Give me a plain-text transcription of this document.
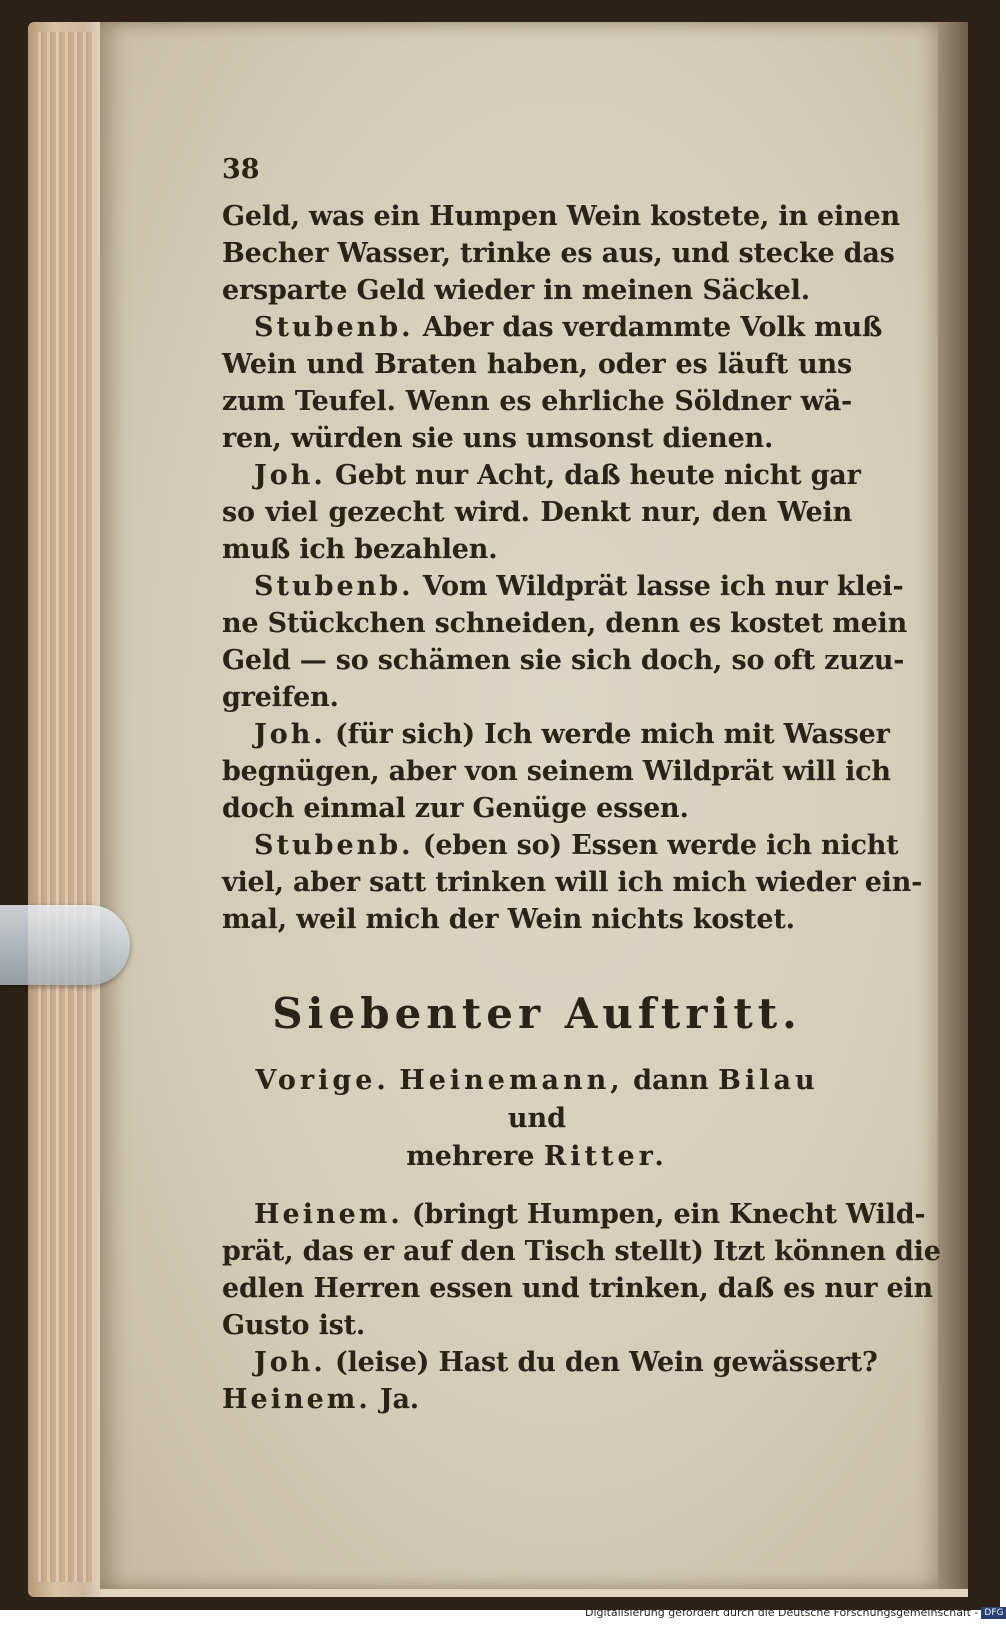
38
Geld, was ein Humpen Wein kostete, in einen
Becher Wasser, trinke es aus, und stecke das
ersparte Geld wieder in meinen Säckel.
Stubenb. Aber das verdammte Volk muß
Wein und Braten haben, oder es läuft uns
zum Teufel. Wenn es ehrliche Söldner wä-
ren, würden sie uns umsonst dienen.
Joh. Gebt nur Acht, daß heute nicht gar
so viel gezecht wird. Denkt nur, den Wein
muß ich bezahlen.
Stubenb. Vom Wildprät lasse ich nur klei-
ne Stückchen schneiden, denn es kostet mein
Geld — so schämen sie sich doch, so oft zuzu-
greifen.
Joh. (für sich) Ich werde mich mit Wasser
begnügen, aber von seinem Wildprät will ich
doch einmal zur Genüge essen.
Stubenb. (eben so) Essen werde ich nicht
viel, aber satt trinken will ich mich wieder ein-
mal, weil mich der Wein nichts kostet.
Siebenter Auftritt.
Vorige. Heinemann, dann Bilau und
mehrere Ritter.
Heinem. (bringt Humpen, ein Knecht Wild-
prät, das er auf den Tisch stellt) Itzt können die
edlen Herren essen und trinken, daß es nur ein
Gusto ist.
Joh. (leise) Hast du den Wein gewässert?
Heinem. Ja.
Digitalisierung gefördert durch die Deutsche Forschungsgemeinschaft - DFG
